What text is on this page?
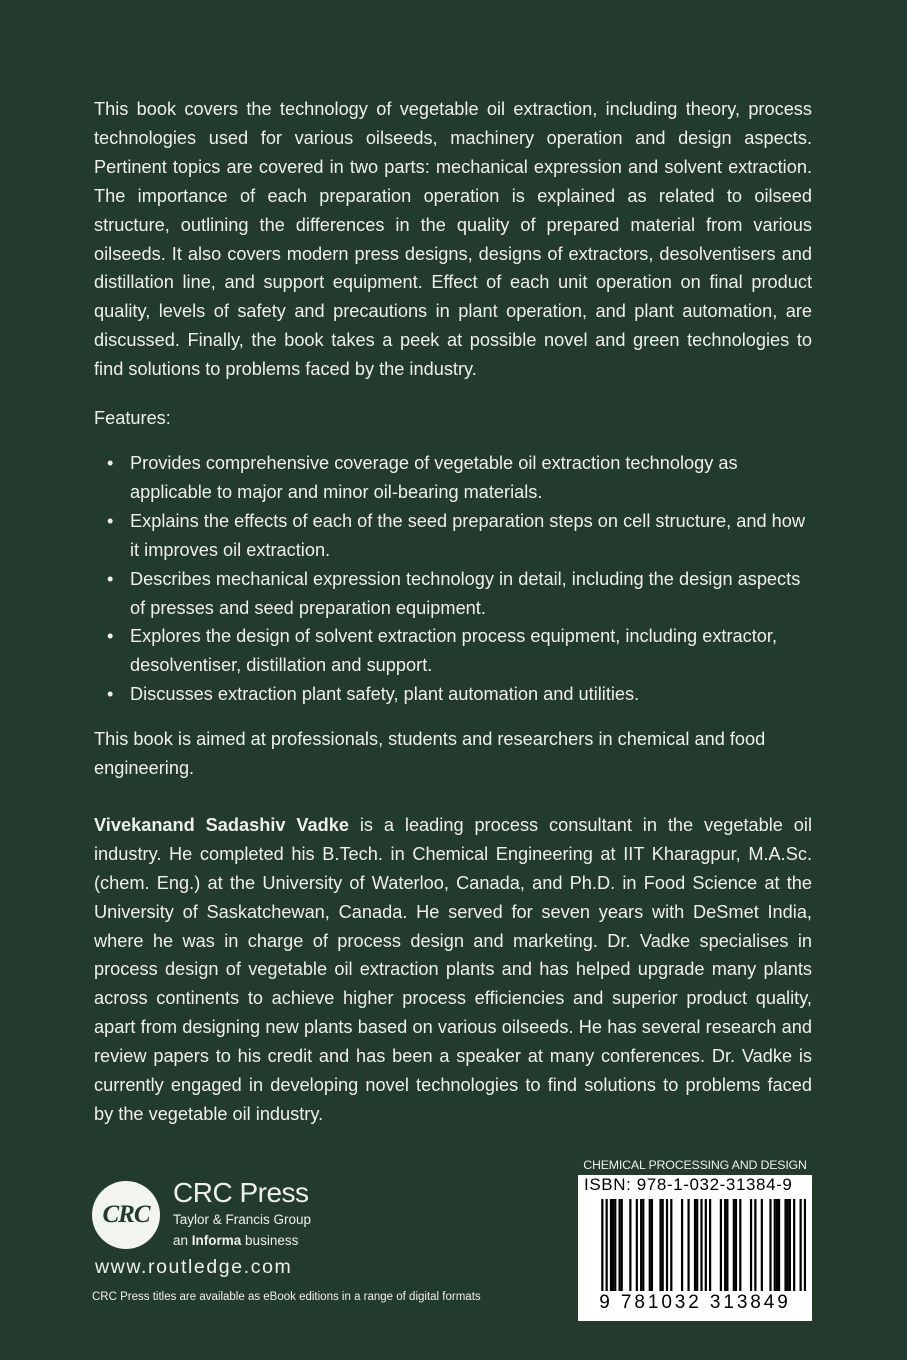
This book covers the technology of vegetable oil extraction, including theory, process technologies used for various oilseeds, machinery operation and design aspects. Pertinent topics are covered in two parts: mechanical expression and solvent extraction. The importance of each preparation operation is explained as related to oilseed structure, outlining the differences in the quality of prepared material from various oilseeds. It also covers modern press designs, designs of extractors, desolventisers and distillation line, and support equipment. Effect of each unit operation on final product quality, levels of safety and precautions in plant operation, and plant automation, are discussed. Finally, the book takes a peek at possible novel and green technologies to find solutions to problems faced by the industry.

Features:

• Provides comprehensive coverage of vegetable oil extraction technology as applicable to major and minor oil-bearing materials.
• Explains the effects of each of the seed preparation steps on cell structure, and how it improves oil extraction.
• Describes mechanical expression technology in detail, including the design aspects of presses and seed preparation equipment.
• Explores the design of solvent extraction process equipment, including extractor, desolventiser, distillation and support.
• Discusses extraction plant safety, plant automation and utilities.

This book is aimed at professionals, students and researchers in chemical and food engineering.

Vivekanand Sadashiv Vadke is a leading process consultant in the vegetable oil industry. He completed his B.Tech. in Chemical Engineering at IIT Kharagpur, M.A.Sc. (chem. Eng.) at the University of Waterloo, Canada, and Ph.D. in Food Science at the University of Saskatchewan, Canada. He served for seven years with DeSmet India, where he was in charge of process design and marketing. Dr. Vadke specialises in process design of vegetable oil extraction plants and has helped upgrade many plants across continents to achieve higher process efficiencies and superior product quality, apart from designing new plants based on various oilseeds. He has several research and review papers to his credit and has been a speaker at many conferences. Dr. Vadke is currently engaged in developing novel technologies to find solutions to problems faced by the vegetable oil industry.

CRC
CRC Press
Taylor & Francis Group
an Informa business
www.routledge.com
CRC Press titles are available as eBook editions in a range of digital formats
CHEMICAL PROCESSING AND DESIGN
ISBN: 978-1-032-31384-9
9 781032 313849
